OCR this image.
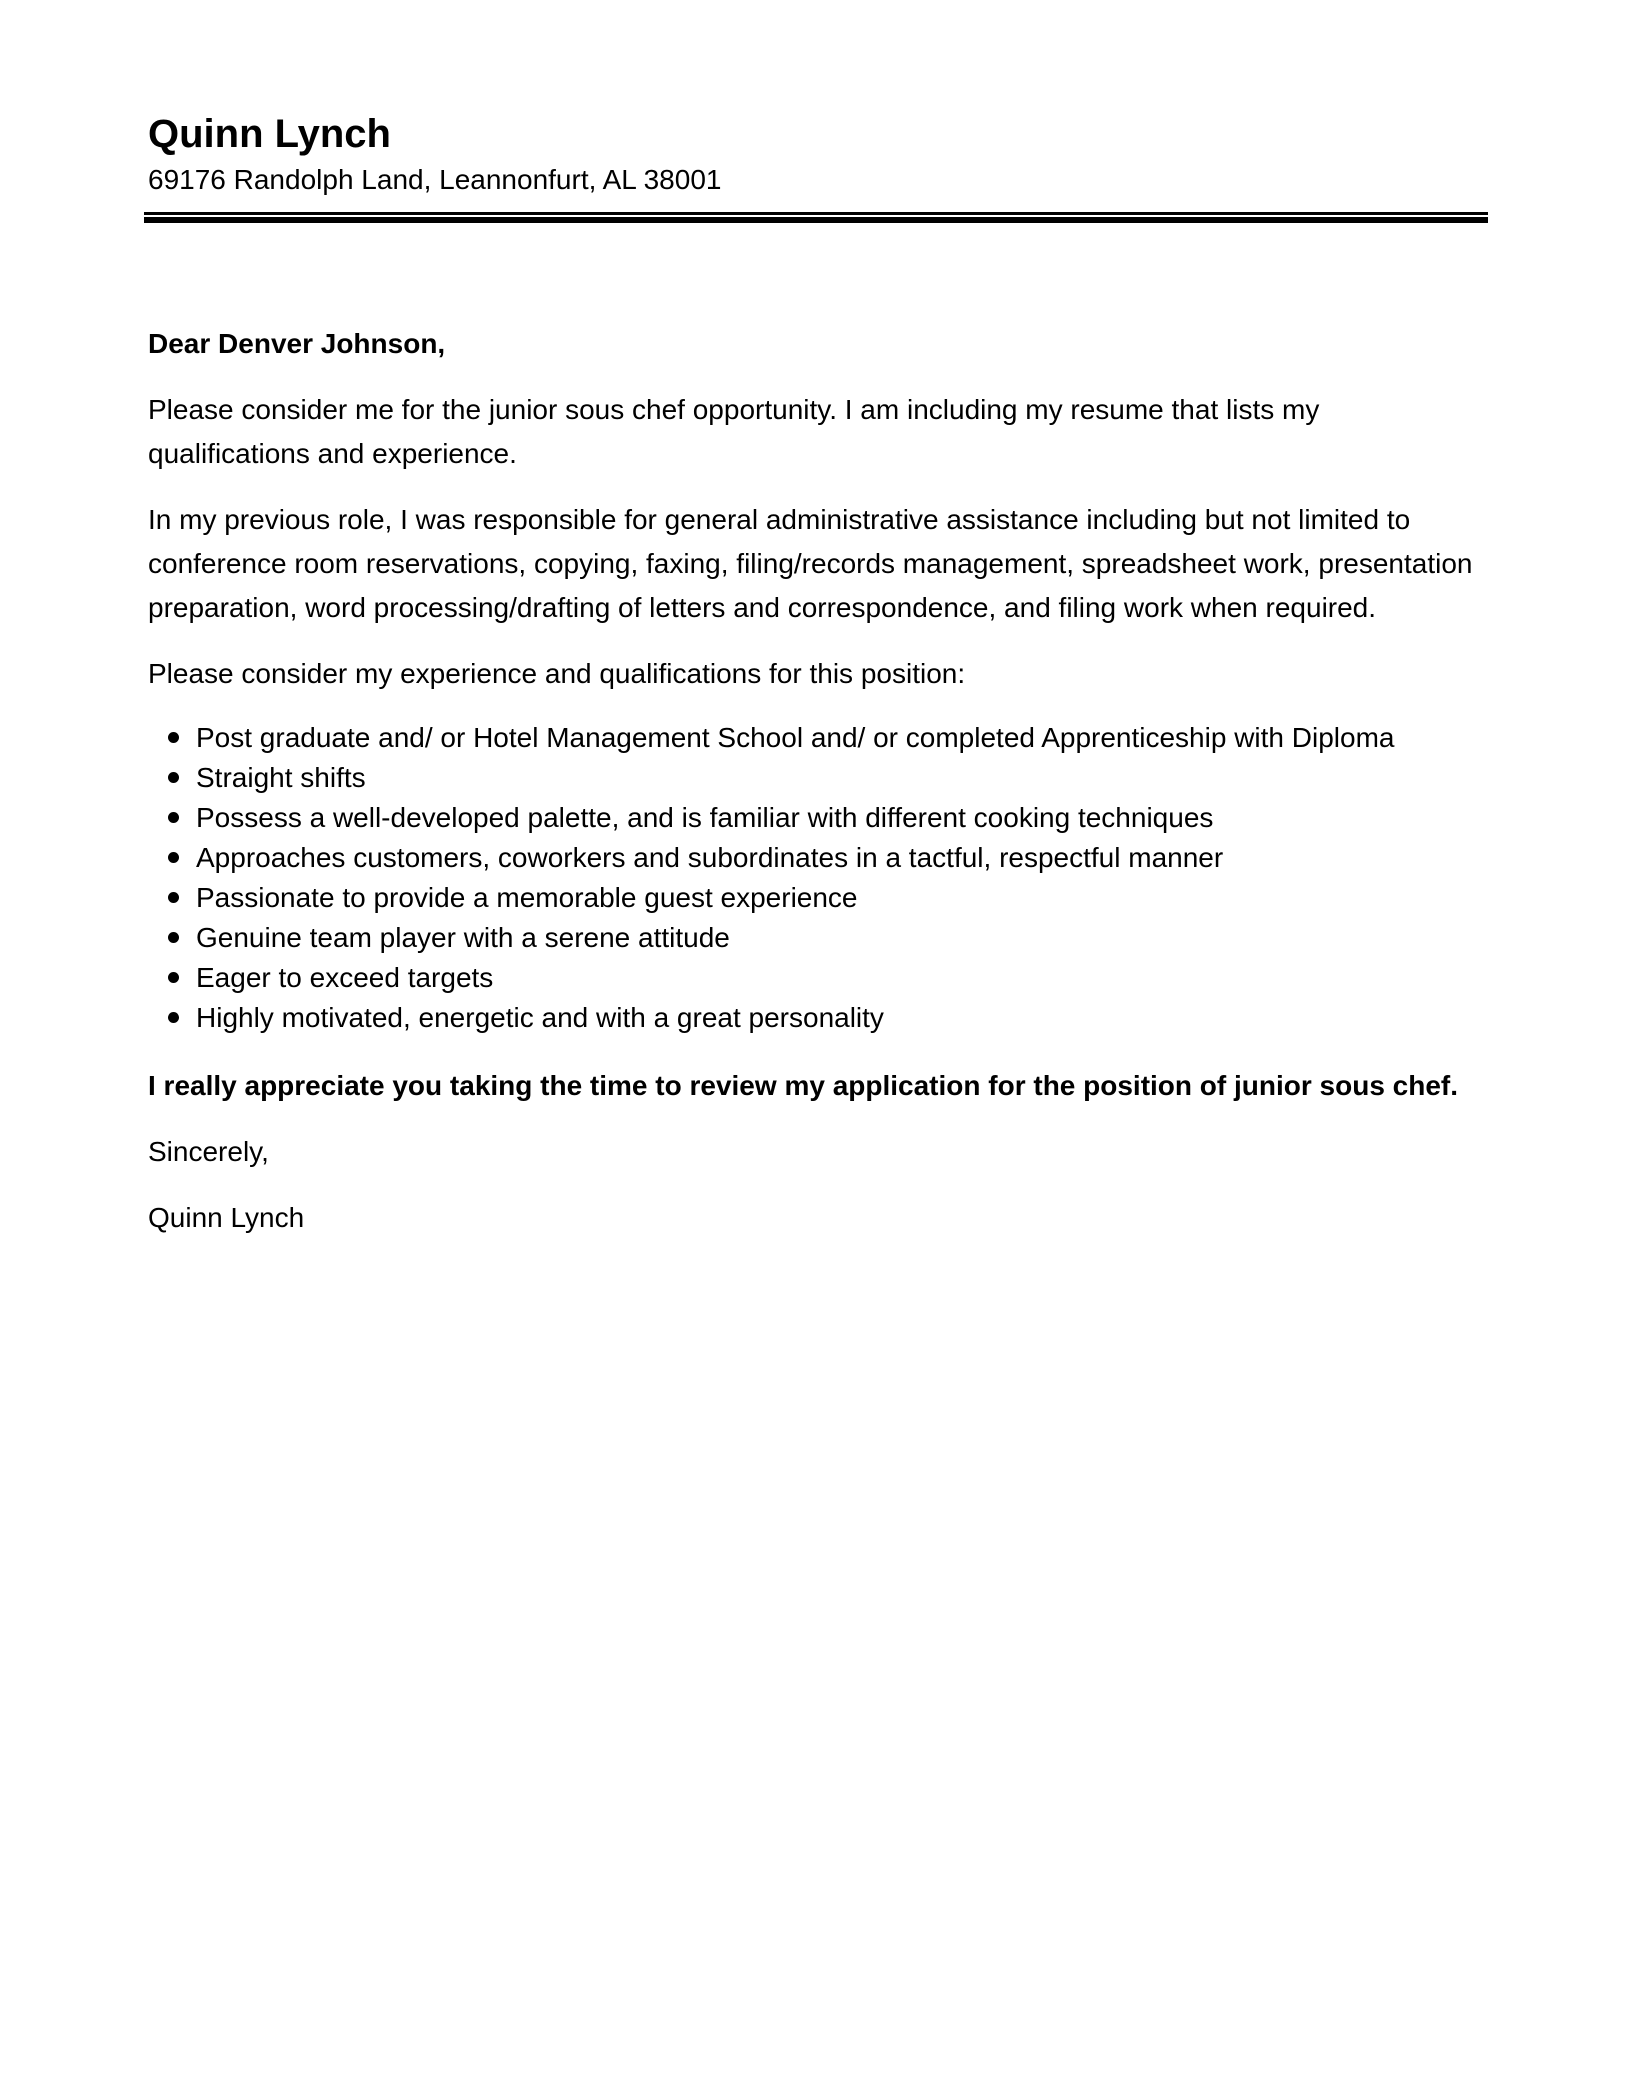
Quinn Lynch

69176 Randolph Land, Leannonfurt, AL 38001

Dear Denver Johnson,

Please consider me for the junior sous chef opportunity. I am including my resume that lists my qualifications and experience.

In my previous role, I was responsible for general administrative assistance including but not limited to conference room reservations, copying, faxing, filing/records management, spreadsheet work, presentation preparation, word processing/drafting of letters and correspondence, and filing work when required.

Please consider my experience and qualifications for this position:

Post graduate and/ or Hotel Management School and/ or completed Apprenticeship with Diploma
Straight shifts
Possess a well-developed palette, and is familiar with different cooking techniques
Approaches customers, coworkers and subordinates in a tactful, respectful manner
Passionate to provide a memorable guest experience
Genuine team player with a serene attitude
Eager to exceed targets
Highly motivated, energetic and with a great personality

I really appreciate you taking the time to review my application for the position of junior sous chef.

Sincerely,

Quinn Lynch
